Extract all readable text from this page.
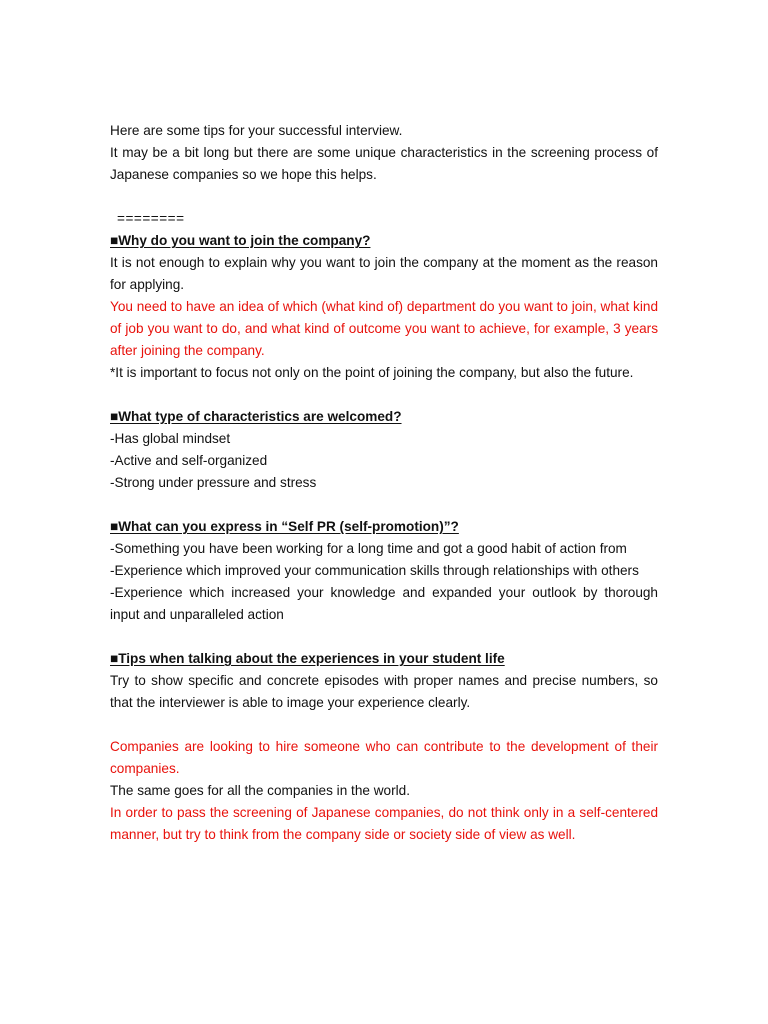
Here are some tips for your successful interview.

It may be a bit long but there are some unique characteristics in the screening process of Japanese companies so we hope this helps.

========

■Why do you want to join the company?

It is not enough to explain why you want to join the company at the moment as the reason for applying.

You need to have an idea of which (what kind of) department do you want to join, what kind of job you want to do, and what kind of outcome you want to achieve, for example, 3 years after joining the company.

*It is important to focus not only on the point of joining the company, but also the future.

■What type of characteristics are welcomed?

-Has global mindset

-Active and self-organized

-Strong under pressure and stress

■What can you express in “Self PR (self-promotion)”?

-Something you have been working for a long time and got a good habit of action from

-Experience which improved your communication skills through relationships with others

-Experience which increased your knowledge and expanded your outlook by thorough input and unparalleled action

■Tips when talking about the experiences in your student life

Try to show specific and concrete episodes with proper names and precise numbers, so that the interviewer is able to image your experience clearly.

Companies are looking to hire someone who can contribute to the development of their companies.

The same goes for all the companies in the world.

In order to pass the screening of Japanese companies, do not think only in a self-centered manner, but try to think from the company side or society side of view as well.
